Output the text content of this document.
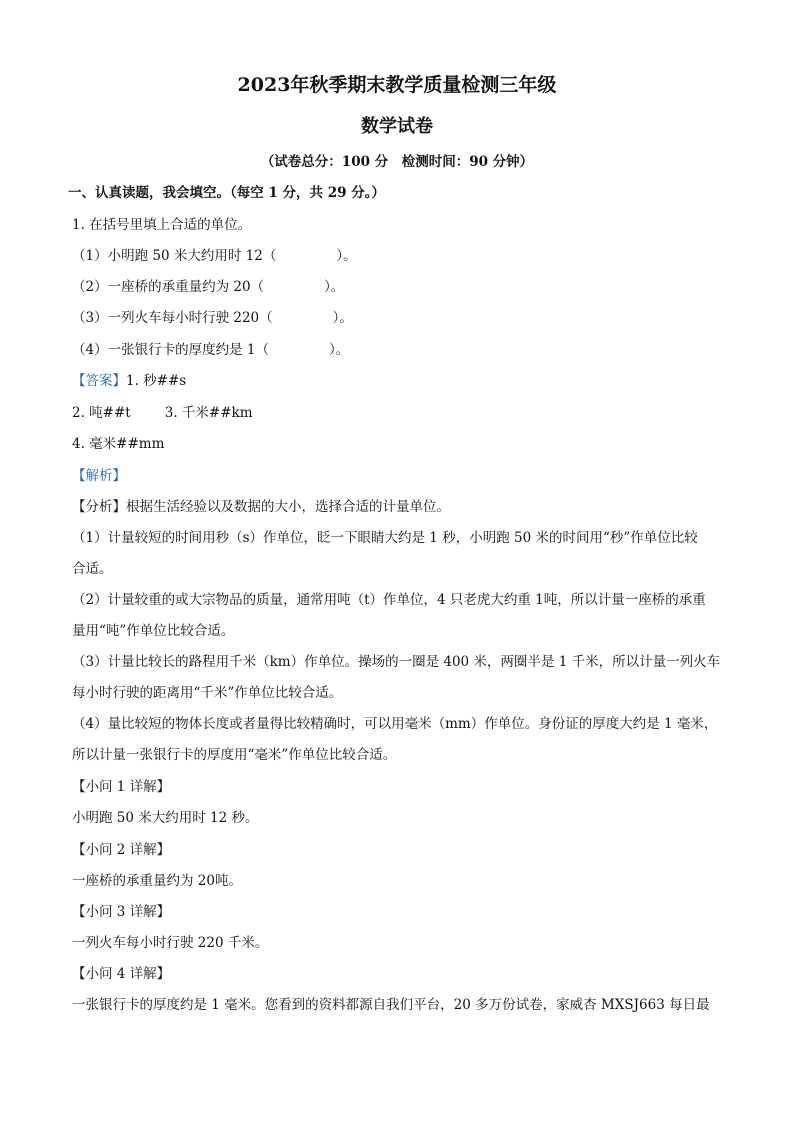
2023年秋季期末教学质量检测三年级
数学试卷
（试卷总分：100 分　检测时间：90 分钟）
一、认真读题，我会填空。（每空 1 分，共 29 分。）
1. 在括号里填上合适的单位。
（1）小明跑 50 米大约用时 12（	）。
（2）一座桥的承重量约为 20（	）。
（3）一列火车每小时行驶 220（	）。
（4）一张银行卡的厚度约是 1（	）。
【答案】1. 秒##s
2. 吨##t	3. 千米##km
4. 毫米##mm
【解析】
【分析】根据生活经验以及数据的大小，选择合适的计量单位。
（1）计量较短的时间用秒（s）作单位，眨一下眼睛大约是 1 秒，小明跑 50 米的时间用“秒”作单位比较
合适。
（2）计量较重的或大宗物品的质量，通常用吨（t）作单位，4 只老虎大约重 1吨，所以计量一座桥的承重
量用“吨”作单位比较合适。
（3）计量比较长的路程用千米（km）作单位。操场的一圈是 400 米，两圈半是 1 千米，所以计量一列火车
每小时行驶的距离用“千米”作单位比较合适。
（4）量比较短的物体长度或者量得比较精确时，可以用毫米（mm）作单位。身份证的厚度大约是 1 毫米，
所以计量一张银行卡的厚度用“毫米”作单位比较合适。
【小问 1 详解】
小明跑 50 米大约用时 12 秒。
【小问 2 详解】
一座桥的承重量约为 20吨。
【小问 3 详解】
一列火车每小时行驶 220 千米。
【小问 4 详解】
一张银行卡的厚度约是 1 毫米。您看到的资料都源自我们平台，20 多万份试卷，家威杏 MXSJ663 每日最
